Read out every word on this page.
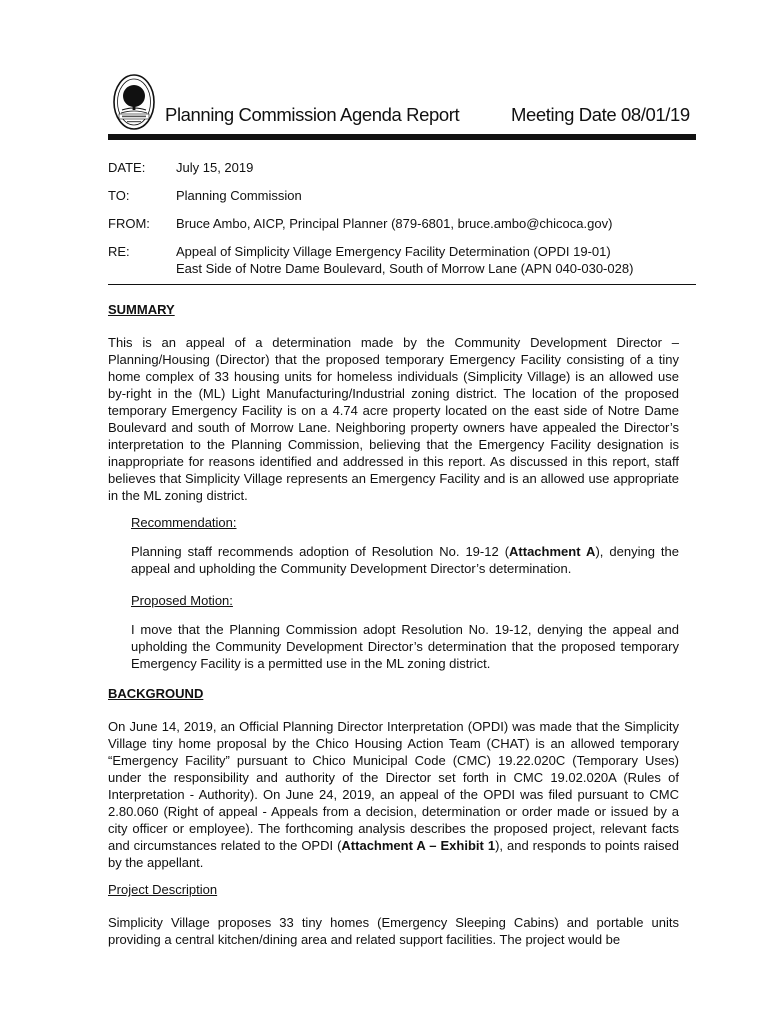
Planning Commission Agenda Report	Meeting Date 08/01/19
DATE:	July 15, 2019
TO:	Planning Commission
FROM:	Bruce Ambo, AICP, Principal Planner (879-6801, bruce.ambo@chicoca.gov)
RE:	Appeal of Simplicity Village Emergency Facility Determination (OPDI 19-01)
East Side of Notre Dame Boulevard, South of Morrow Lane (APN 040-030-028)
SUMMARY
This is an appeal of a determination made by the Community Development Director – Planning/Housing (Director) that the proposed temporary Emergency Facility consisting of a tiny home complex of 33 housing units for homeless individuals (Simplicity Village) is an allowed use by-right in the (ML) Light Manufacturing/Industrial zoning district. The location of the proposed temporary Emergency Facility is on a 4.74 acre property located on the east side of Notre Dame Boulevard and south of Morrow Lane. Neighboring property owners have appealed the Director’s interpretation to the Planning Commission, believing that the Emergency Facility designation is inappropriate for reasons identified and addressed in this report. As discussed in this report, staff believes that Simplicity Village represents an Emergency Facility and is an allowed use appropriate in the ML zoning district.
Recommendation:
Planning staff recommends adoption of Resolution No. 19-12 (Attachment A), denying the appeal and upholding the Community Development Director’s determination.
Proposed Motion:
I move that the Planning Commission adopt Resolution No. 19-12, denying the appeal and upholding the Community Development Director’s determination that the proposed temporary Emergency Facility is a permitted use in the ML zoning district.
BACKGROUND
On June 14, 2019, an Official Planning Director Interpretation (OPDI) was made that the Simplicity Village tiny home proposal by the Chico Housing Action Team (CHAT) is an allowed temporary “Emergency Facility” pursuant to Chico Municipal Code (CMC) 19.22.020C (Temporary Uses) under the responsibility and authority of the Director set forth in CMC 19.02.020A (Rules of Interpretation - Authority). On June 24, 2019, an appeal of the OPDI was filed pursuant to CMC 2.80.060 (Right of appeal - Appeals from a decision, determination or order made or issued by a city officer or employee). The forthcoming analysis describes the proposed project, relevant facts and circumstances related to the OPDI (Attachment A – Exhibit 1), and responds to points raised by the appellant.
Project Description
Simplicity Village proposes 33 tiny homes (Emergency Sleeping Cabins) and portable units providing a central kitchen/dining area and related support facilities. The project would be
